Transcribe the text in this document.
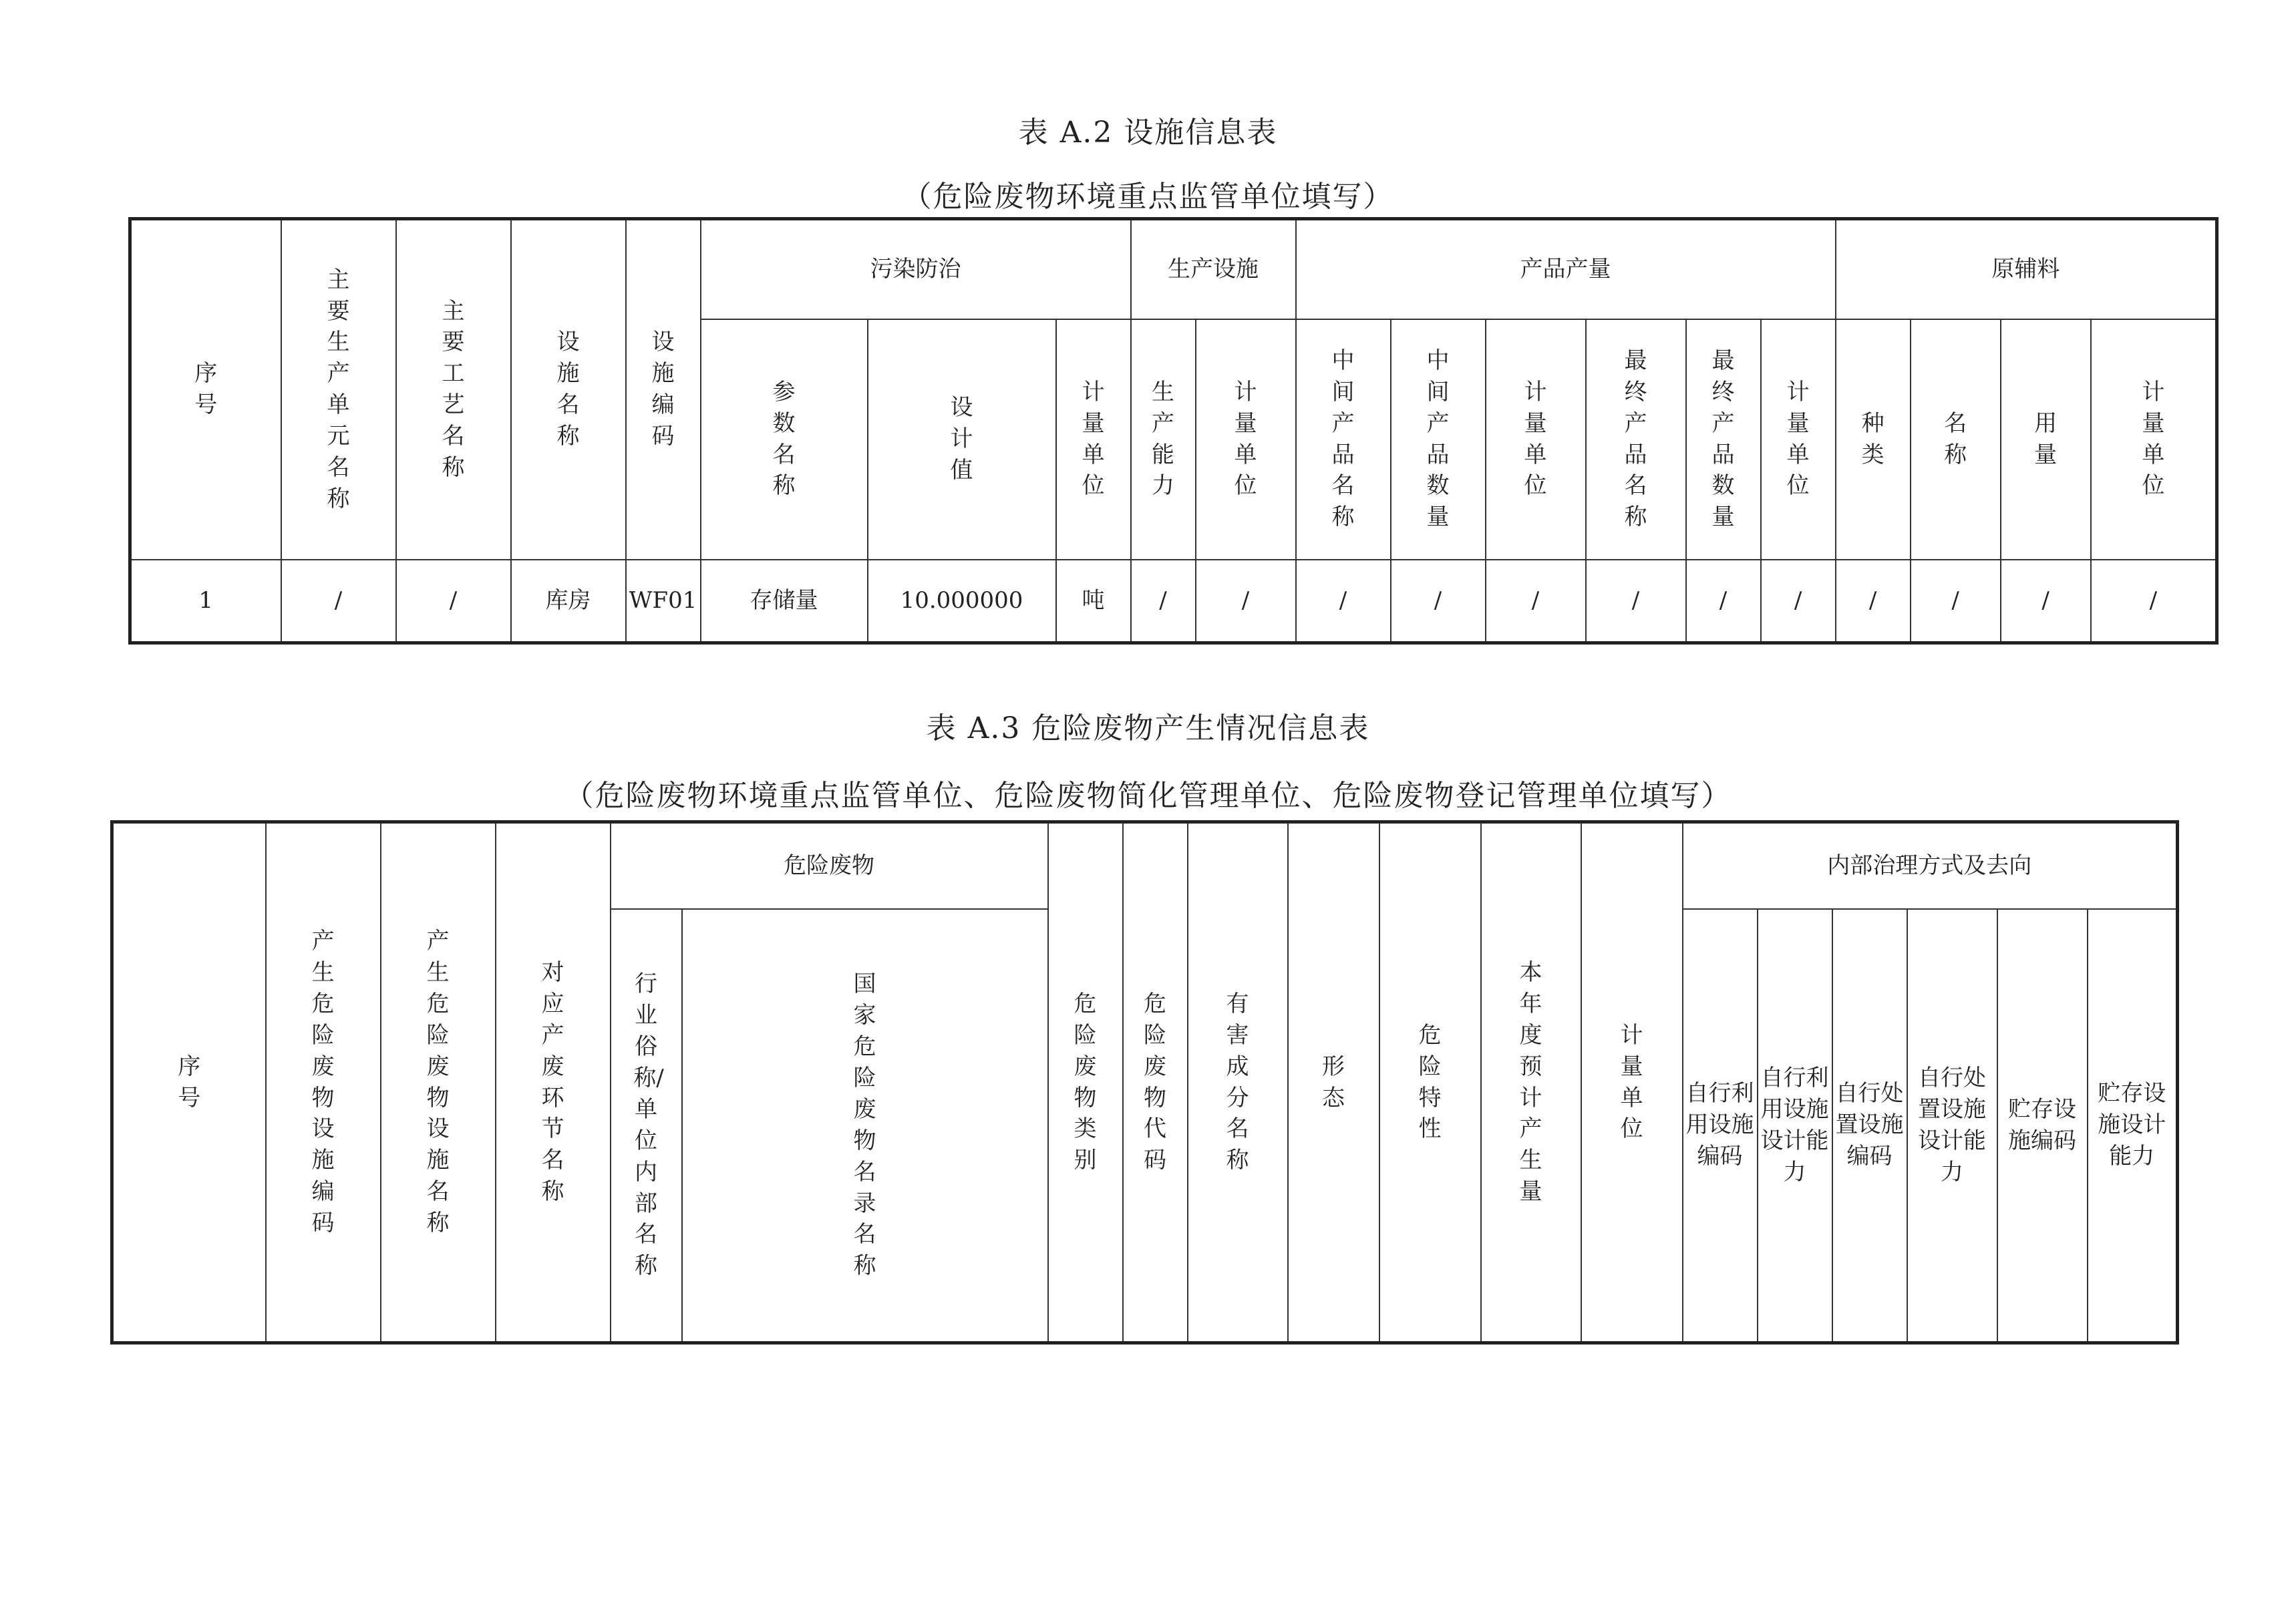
表 A.2 设施信息表
（危险废物环境重点监管单位填写）
序号	主要生产单元名称	主要工艺名称	设施名称	设施编码	污染防治			生产设施		产品产量						原辅料			
					参数名称	设计值	计量单位	生产能力	计量单位	中间产品名称	中间产品数量	计量单位	最终产品名称	最终产品数量	计量单位	种类	名称	用量	计量单位
1	/	/	库房	WF01	存储量	10.000000	吨	/	/	/	/	/	/	/	/	/	/	/	/
表 A.3 危险废物产生情况信息表
（危险废物环境重点监管单位、危险废物简化管理单位、危险废物登记管理单位填写）
序号	产生危险废物设施编码	产生危险废物设施名称	对应产废环节名称	危险废物		危险废物类别	危险废物代码	有害成分名称	形态	危险特性	本年度预计产生量	计量单位	内部治理方式及去向					
				行业俗称/单位内部名称	国家危险废物名录名称								自行利用设施编码	自行利用设施设计能力	自行处置设施编码	自行处置设施设计能力	贮存设施编码	贮存设施设计能力
